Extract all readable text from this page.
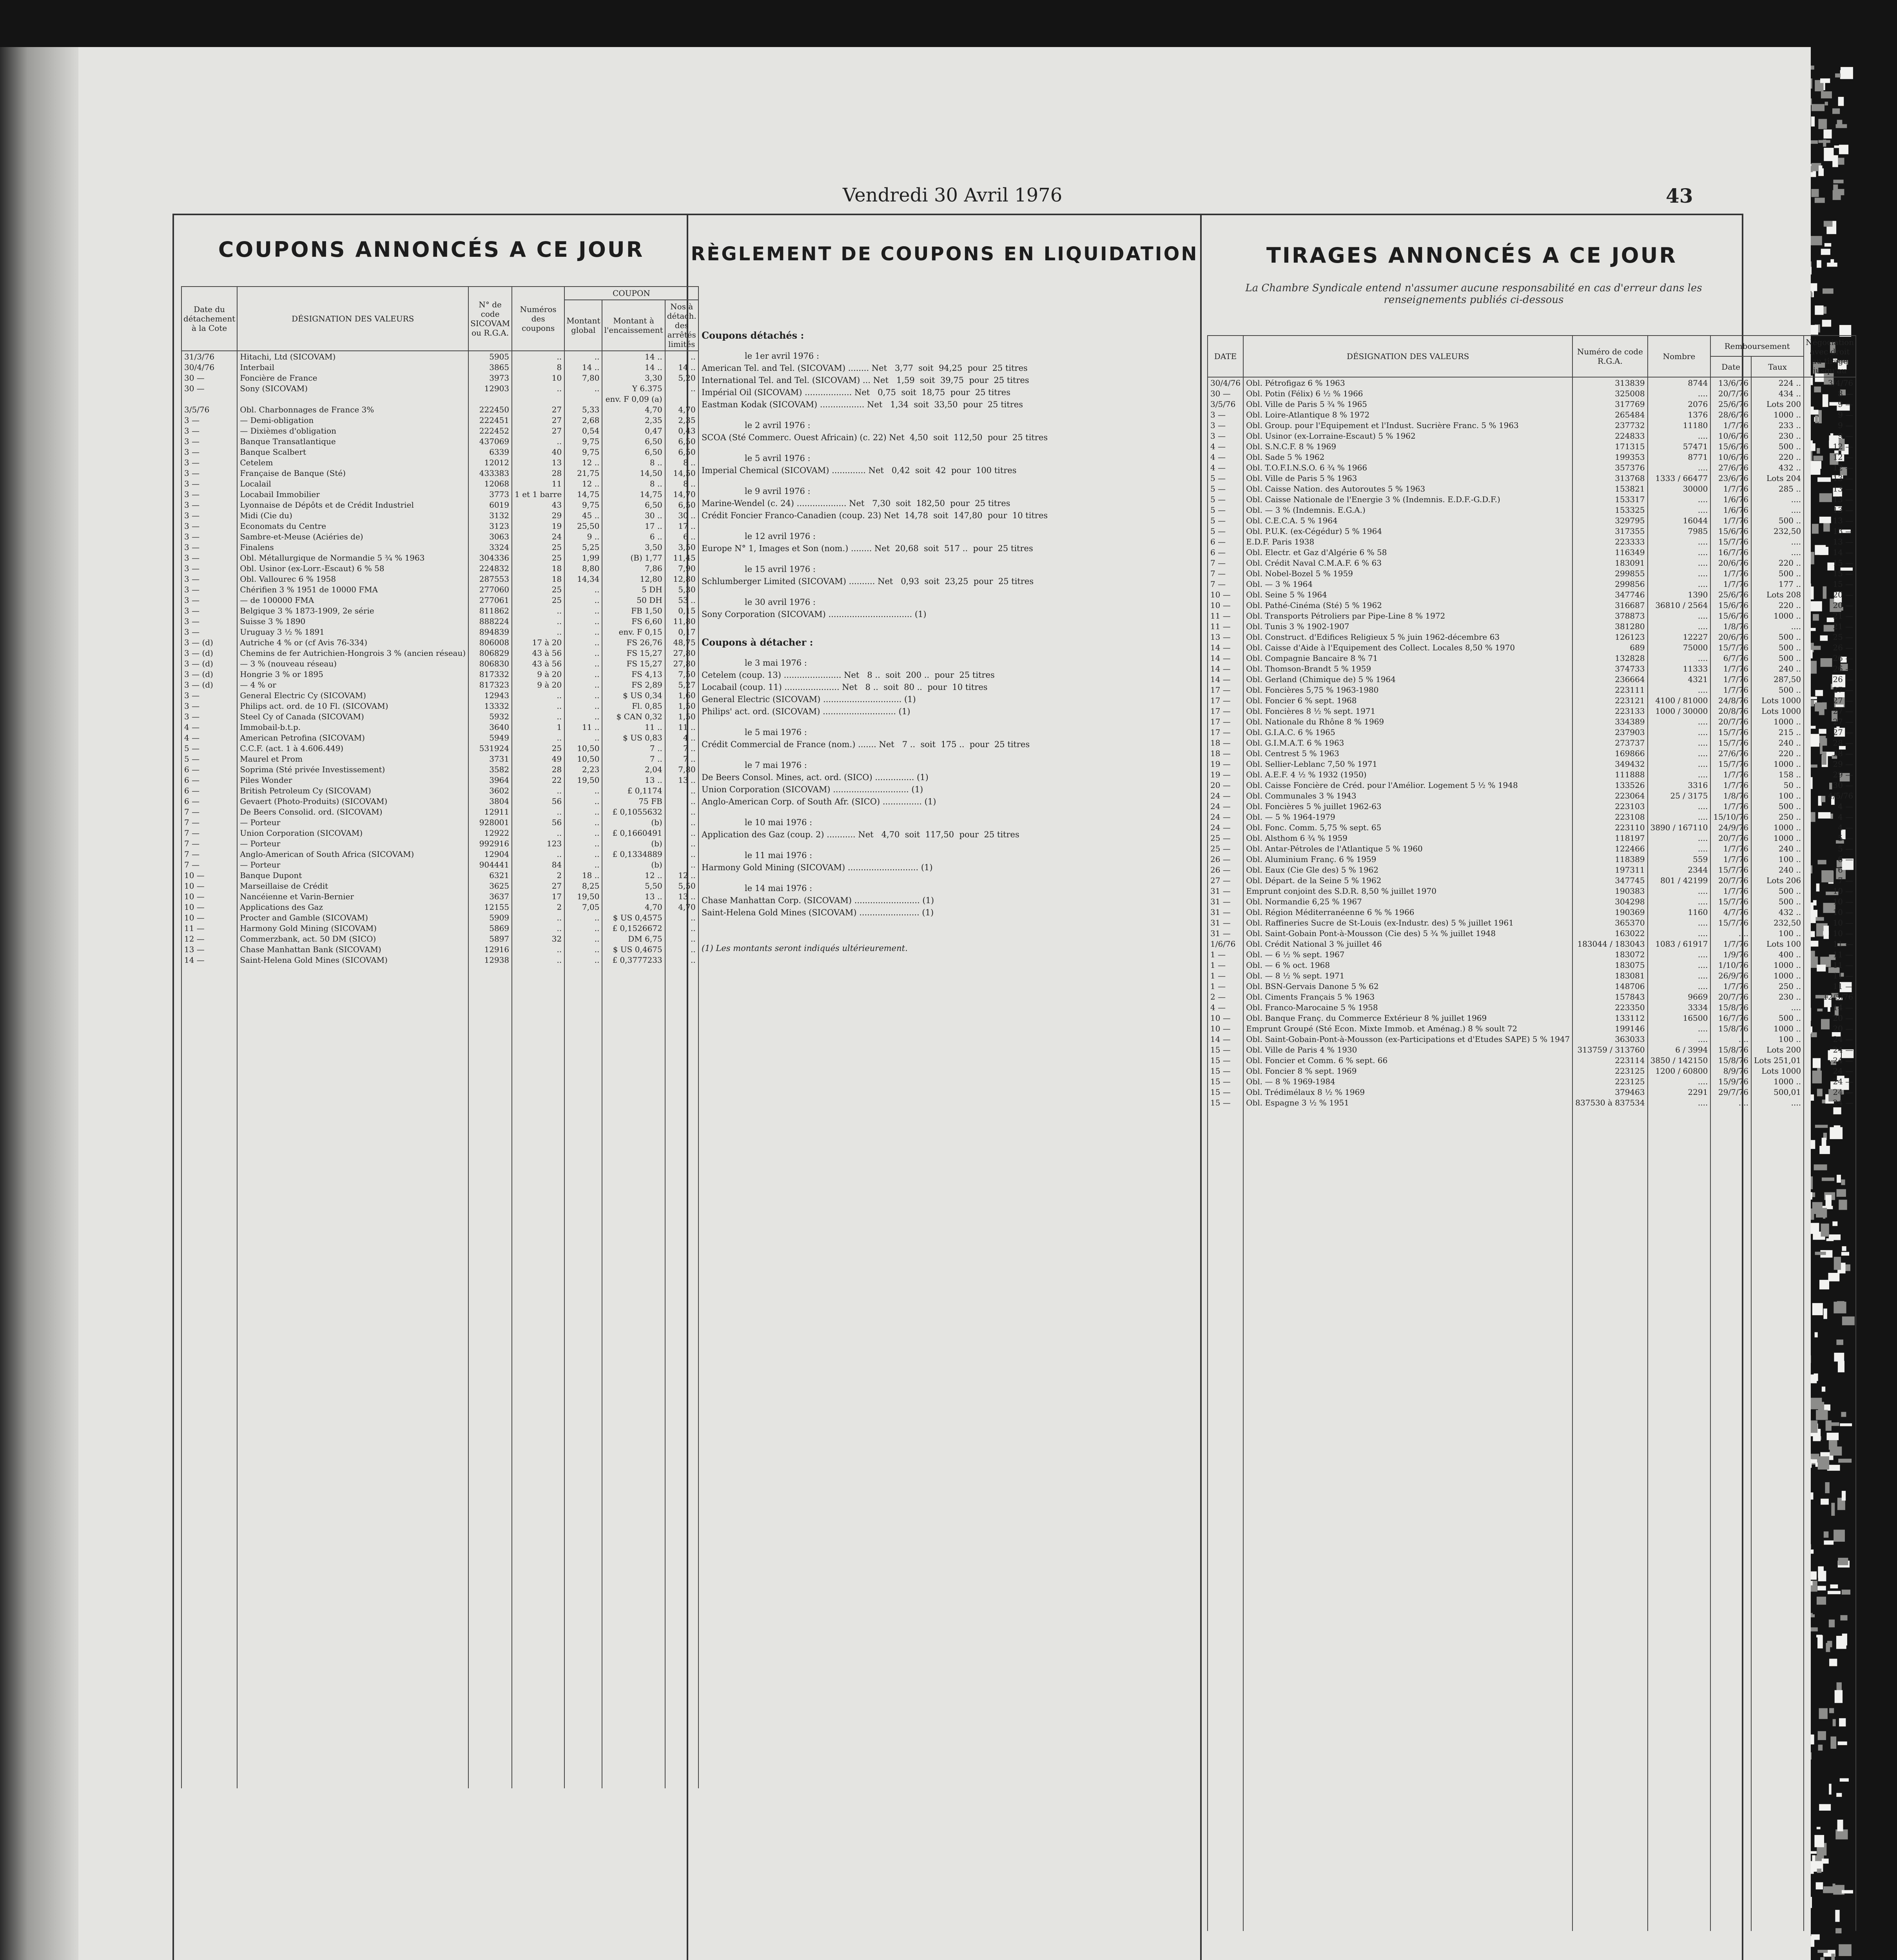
Vendredi 30 Avril 1976	43
COUPONS ANNONCÉS A CE JOUR
Date du détachement à la Cote	DÉSIGNATION DES VALEURS	N° de code SICOVAM ou R.G.A.	Numéros des coupons	COUPON		
				Montant global	Montant à l'encaissement	Nos à détach. des arrêtés limités
31/3/76	Hitachi, Ltd (SICOVAM)	5905	..	..	14 ..	..
30/4/76	Interbail	3865	8	14 ..	14 ..	14 ..
30 —	Foncière de France	3973	10	7,80	3,30	5,20
30 —	Sony (SICOVAM)	12903	..	..	Y 6.375	..
					env. F 0,09 (a)	
3/5/76	Obl. Charbonnages de France 3%	222450	27	5,33	4,70	4,70
3 —	— Demi-obligation	222451	27	2,68	2,35	2,35
3 —	— Dixièmes d'obligation	222452	27	0,54	0,47	0,43
3 —	Banque Transatlantique	437069	..	9,75	6,50	6,50
3 —	Banque Scalbert	6339	40	9,75	6,50	6,50
3 —	Cetelem	12012	13	12 ..	8 ..	8 ..
3 —	Française de Banque (Sté)	433383	28	21,75	14,50	14,50
3 —	Localail	12068	11	12 ..	8 ..	8 ..
3 —	Locabail Immobilier	3773	1 et 1 barre	14,75	14,75	14,70
3 —	Lyonnaise de Dépôts et de Crédit Industriel	6019	43	9,75	6,50	6,50
3 —	Midi (Cie du)	3132	29	45 ..	30 ..	30 ..
3 —	Economats du Centre	3123	19	25,50	17 ..	17 ..
3 —	Sambre-et-Meuse (Aciéries de)	3063	24	9 ..	6 ..	6 ..
3 —	Finalens	3324	25	5,25	3,50	3,50
3 —	Obl. Métallurgique de Normandie 5 ¾ % 1963	304336	25	1,99	(B) 1,77	11,45
3 —	Obl. Usinor (ex-Lorr.-Escaut) 6 % 58	224832	18	8,80	7,86	7,90
3 —	Obl. Vallourec 6 % 1958	287553	18	14,34	12,80	12,80
3 —	Chérifien 3 % 1951 de 10000 FMA	277060	25	..	5 DH	5,30
3 —	— de 100000 FMA	277061	25	..	50 DH	53 ..
3 —	Belgique 3 % 1873-1909, 2e série	811862	..	..	FB 1,50	0,15
3 —	Suisse 3 % 1890	888224	..	..	FS 6,60	11,80
3 —	Uruguay 3 ½ % 1891	894839	..	..	env. F 0,15	0,17
3 — (d)	Autriche 4 % or (cf Avis 76-334)	806008	17 à 20	..	FS 26,76	48,75
3 — (d)	Chemins de fer Autrichien-Hongrois 3 % (ancien réseau)	806829	43 à 56	..	FS 15,27	27,80
3 — (d)	— 3 % (nouveau réseau)	806830	43 à 56	..	FS 15,27	27,80
3 — (d)	Hongrie 3 % or 1895	817332	9 à 20	..	FS 4,13	7,50
3 — (d)	— 4 % or	817323	9 à 20	..	FS 2,89	5,27
3 —	General Electric Cy (SICOVAM)	12943	..	..	$ US 0,34	1,60
3 —	Philips act. ord. de 10 Fl. (SICOVAM)	13332	..	..	Fl. 0,85	1,50
3 —	Steel Cy of Canada (SICOVAM)	5932	..	..	$ CAN 0,32	1,50
4 —	Immobail-b.t.p.	3640	1	11 ..	11 ..	11 ..
4 —	American Petrofina (SICOVAM)	5949	..	..	$ US 0,83	4 ..
5 —	C.C.F. (act. 1 à 4.606.449)	531924	25	10,50	7 ..	7 ..
5 —	Maurel et Prom	3731	49	10,50	7 ..	7 ..
6 —	Soprima (Sté privée Investissement)	3582	28	2,23	2,04	7,80
6 —	Piles Wonder	3964	22	19,50	13 ..	13 ..
6 —	British Petroleum Cy (SICOVAM)	3602	..	..	£ 0,1174	..
6 —	Gevaert (Photo-Produits) (SICOVAM)	3804	56	..	75 FB	..
7 —	De Beers Consolid. ord. (SICOVAM)	12911	..	..	£ 0,1055632	..
7 —	— Porteur	928001	56	..	(b)	..
7 —	Union Corporation (SICOVAM)	12922	..	..	£ 0,1660491	..
7 —	— Porteur	992916	123	..	(b)	..
7 —	Anglo-American of South Africa (SICOVAM)	12904	..	..	£ 0,1334889	..
7 —	— Porteur	904441	84	..	(b)	..
10 —	Banque Dupont	6321	2	18 ..	12 ..	12 ..
10 —	Marseillaise de Crédit	3625	27	8,25	5,50	5,50
10 —	Nancéienne et Varin-Bernier	3637	17	19,50	13 ..	13 ..
10 —	Applications des Gaz	12155	2	7,05	4,70	4,70
10 —	Procter and Gamble (SICOVAM)	5909	..	..	$ US 0,4575	..
11 —	Harmony Gold Mining (SICOVAM)	5869	..	..	£ 0,1526672	..
12 —	Commerzbank, act. 50 DM (SICO)	5897	32	..	DM 6,75	..
13 —	Chase Manhattan Bank (SICOVAM)	12916	..	..	$ US 0,4675	..
14 —	Saint-Helena Gold Mines (SICOVAM)	12938	..	..	£ 0,3777233	..

RÈGLEMENT DE COUPONS EN LIQUIDATION
Coupons détachés :
le 1er avril 1976 :
American Tel. and Tel. (SICOVAM) ........ Net   3,77  soit  94,25  pour  25 titres
International Tel. and Tel. (SICOVAM) ... Net   1,59  soit  39,75  pour  25 titres
Impérial Oil (SICOVAM) .................. Net   0,75  soit  18,75  pour  25 titres
Eastman Kodak (SICOVAM) ................. Net   1,34  soit  33,50  pour  25 titres
le 2 avril 1976 :
SCOA (Sté Commerc. Ouest Africain) (c. 22) Net  4,50  soit  112,50  pour  25 titres
le 5 avril 1976 :
Imperial Chemical (SICOVAM) ............. Net   0,42  soit  42  pour  100 titres
le 9 avril 1976 :
Marine-Wendel (c. 24) ................... Net   7,30  soit  182,50  pour  25 titres
Crédit Foncier Franco-Canadien (coup. 23) Net  14,78  soit  147,80  pour  10 titres
le 12 avril 1976 :
Europe N° 1, Images et Son (nom.) ........ Net  20,68  soit  517 ..  pour  25 titres
le 15 avril 1976 :
Schlumberger Limited (SICOVAM) .......... Net   0,93  soit  23,25  pour  25 titres
le 30 avril 1976 :
Sony Corporation (SICOVAM) ................................ (1)
Coupons à détacher :
le 3 mai 1976 :
Cetelem (coup. 13) ...................... Net   8 ..  soit  200 ..  pour  25 titres
Locabail (coup. 11) ..................... Net   8 ..  soit  80 ..  pour  10 titres
General Electric (SICOVAM) .............................. (1)
Philips' act. ord. (SICOVAM) ............................ (1)
le 5 mai 1976 :
Crédit Commercial de France (nom.) ....... Net   7 ..  soit  175 ..  pour  25 titres
le 7 mai 1976 :
De Beers Consol. Mines, act. ord. (SICO) ............... (1)
Union Corporation (SICOVAM) ............................. (1)
Anglo-American Corp. of South Afr. (SICO) ............... (1)
le 10 mai 1976 :
Application des Gaz (coup. 2) ........... Net   4,70  soit  117,50  pour  25 titres
le 11 mai 1976 :
Harmony Gold Mining (SICOVAM) ........................... (1)
le 14 mai 1976 :
Chase Manhattan Corp. (SICOVAM) ......................... (1)
Saint-Helena Gold Mines (SICOVAM) ....................... (1)
(1) Les montants seront indiqués ultérieurement.
TIRAGES ANNONCÉS A CE JOUR
La Chambre Syndicale entend n'assumer aucune responsabilité en cas d'erreur dans les renseignements publiés ci-dessous
DATE	DÉSIGNATION DES VALEURS	Numéro de code R.G.A.	Nombre	Remboursement		Négociation avec droit au tirage jusqu'au
				Date	Taux	
30/4/76	Obl. Pétrofigaz 6 % 1963	313839	8744	13/6/76	224 ..	3/4/76
30 —	Obl. Potin (Félix) 6 ½ % 1966	325008	....	20/7/76	434 ..	8 —
3/5/76	Obl. Ville de Paris 5 ¾ % 1965	317769	2076	25/6/76	Lots 200	9 —
3 —	Obl. Loire-Atlantique 8 % 1972	265484	1376	28/6/76	1000 ..	9 —
3 —	Obl. Group. pour l'Equipement et l'Indust. Sucrière Franc. 5 % 1963	237732	11180	1/7/76	233 ..	9 —
3 —	Obl. Usinor (ex-Lorraine-Escaut) 5 % 1962	224833	....	10/6/76	230 ..	9 —
4 —	Obl. S.N.C.F. 8 % 1969	171315	57471	15/6/76	500 ..	12 —
4 —	Obl. Sade 5 % 1962	199353	8771	10/6/76	220 ..	12 —
4 —	Obl. T.O.F.I.N.S.O. 6 ¾ % 1966	357376	....	27/6/76	432 ..	12 —
5 —	Obl. Ville de Paris 5 % 1963	313768	1333 / 66477	23/6/76	Lots 204	13 —
5 —	Obl. Caisse Nation. des Autoroutes 5 % 1963	153821	30000	1/7/76	285 ..	13 —
5 —	Obl. Caisse Nationale de l'Energie 3 % (Indemnis. E.D.F.-G.D.F.)	153317	....	1/6/76	....	13 —
5 —	Obl. — 3 % (Indemnis. E.G.A.)	153325	....	1/6/76	....	13 —
5 —	Obl. C.E.C.A. 5 % 1964	329795	16044	1/7/76	500 ..	13 —
5 —	Obl. P.U.K. (ex-Cégédur) 5 % 1964	317355	7985	15/6/76	232,50	13 —
6 —	E.D.F. Paris 1938	223333	....	15/7/76	....	13 —
6 —	Obl. Electr. et Gaz d'Algérie 6 % 58	116349	....	16/7/76	....	14 —
7 —	Obl. Crédit Naval C.M.A.F. 6 % 63	183091	....	20/6/76	220 ..	15 —
7 —	Obl. Nobel-Bozel 5 % 1959	299855	....	1/7/76	500 ..	15 —
7 —	Obl. — 3 % 1964	299856	....	1/7/76	177 ..	15 —
10 —	Obl. Seine 5 % 1964	347746	1390	25/6/76	Lots 208	20 —
10 —	Obl. Pathé-Cinéma (Sté) 5 % 1962	316687	36810 / 2564	15/6/76	220 ..	20 —
11 —	Obl. Transports Pétroliers par Pipe-Line 8 % 1972	378873	....	15/6/76	1000 ..	21 —
11 —	Obl. Tunis 3 % 1902-1907	381280	....	1/8/76	....	21 —
13 —	Obl. Construct. d'Edifices Religieux 5 % juin 1962-décembre 63	126123	12227	20/6/76	500 ..	25 —
14 —	Obl. Caisse d'Aide à l'Equipement des Collect. Locales 8,50 % 1970	689	75000	15/7/76	500 ..	26 —
14 —	Obl. Compagnie Bancaire 8 % 71	132828	....	6/7/76	500 ..	26 —
14 —	Obl. Thomson-Brandt 5 % 1959	374733	11333	1/7/76	240 ..	26 —
14 —	Obl. Gerland (Chimique de) 5 % 1964	236664	4321	1/7/76	287,50	26 —
17 —	Obl. Foncières 5,75 % 1963-1980	223111	....	1/7/76	500 ..	27 —
17 —	Obl. Foncier 6 % sept. 1968	223121	4100 / 81000	24/8/76	Lots 1000	27 —
17 —	Obl. Foncières 8 ½ % sept. 1971	223133	1000 / 30000	20/8/76	Lots 1000	27 —
17 —	Obl. Nationale du Rhône 8 % 1969	334389	....	20/7/76	1000 ..	27 —
17 —	Obl. G.I.A.C. 6 % 1965	237903	....	15/7/76	215 ..	27 —
18 —	Obl. G.I.M.A.T. 6 % 1963	273737	....	15/7/76	240 ..	28 —
18 —	Obl. Centrest 5 % 1963	169866	....	27/6/76	220 ..	28 —
19 —	Obl. Sellier-Leblanc 7,50 % 1971	349432	....	15/7/76	1000 ..	29 —
19 —	Obl. A.E.F. 4 ½ % 1932 (1950)	111888	....	1/7/76	158 ..	29 —
20 —	Obl. Caisse Foncière de Créd. pour l'Amélior. Logement 5 ½ % 1948	133526	3316	1/7/76	50 ..	30 —
24 —	Obl. Communales 3 % 1943	223064	25 / 3175	1/8/76	100 ..	4/5/76
24 —	Obl. Foncières 5 % juillet 1962-63	223103	....	1/7/76	500 ..	4 —
24 —	Obl. — 5 % 1964-1979	223108	....	15/10/76	250 ..	4 —
24 —	Obl. Fonc. Comm. 5,75 % sept. 65	223110	3890 / 167110	24/9/76	1000 ..	4 —
25 —	Obl. Alsthom 6 ¾ % 1959	118197	....	20/7/76	1000 ..	5 —
25 —	Obl. Antar-Pétroles de l'Atlantique 5 % 1960	122466	....	1/7/76	240 ..	5 —
26 —	Obl. Aluminium Franç. 6 % 1959	118389	559	1/7/76	100 ..	6 —
26 —	Obl. Eaux (Cie Gle des) 5 % 1962	197311	2344	15/7/76	240 ..	6 —
27 —	Obl. Départ. de la Seine 5 % 1962	347745	801 / 42199	20/7/76	Lots 206	7 —
31 —	Emprunt conjoint des S.D.R. 8,50 % juillet 1970	190383	....	1/7/76	500 ..	10 —
31 —	Obl. Normandie 6,25 % 1967	304298	....	15/7/76	500 ..	10 —
31 —	Obl. Région Méditerranéenne 6 % % 1966	190369	1160	4/7/76	432 ..	10 —
31 —	Obl. Raffineries Sucre de St-Louis (ex-Industr. des) 5 % juillet 1961	365370	....	15/7/76	232,50	10 —
31 —	Obl. Saint-Gobain Pont-à-Mousson (Cie des) 5 ¾ % juillet 1948	163022	....	....	100 ..	10 —
1/6/76	Obl. Crédit National 3 % juillet 46	183044 / 183043	1083 / 61917	1/7/76	Lots 100	11 —
1 —	Obl. — 6 ½ % sept. 1967	183072	....	1/9/76	400 ..	11 —
1 —	Obl. — 6 % oct. 1968	183075	....	1/10/76	1000 ..	11 —
1 —	Obl. — 8 ½ % sept. 1971	183081	....	26/9/76	1000 ..	11 —
1 —	Obl. BSN-Gervais Danone 5 % 62	148706	....	1/7/76	250 ..	11 —
2 —	Obl. Ciments Français 5 % 1963	157843	9669	20/7/76	230 ..	12/5/76
4 —	Obl. Franco-Marocaine 5 % 1958	223350	3334	15/8/76	....	14 —
10 —	Obl. Banque Franç. du Commerce Extérieur 8 % juillet 1969	133112	16500	16/7/76	500 ..	20 —
10 —	Emprunt Groupé (Sté Econ. Mixte Immob. et Aménag.) 8 % soult 72	199146	....	15/8/76	1000 ..	20 —
14 —	Obl. Saint-Gobain-Pont-à-Mousson (ex-Participations et d'Etudes SAPE) 5 % 1947	363033	....	....	100 ..	24 —
15 —	Obl. Ville de Paris 4 % 1930	313759 / 313760	6 / 3994	15/8/76	Lots 200	24 —
15 —	Obl. Foncier et Comm. 6 % sept. 66	223114	3850 / 142150	15/8/76	Lots 251,01	24 —
15 —	Obl. Foncier 8 % sept. 1969	223125	1200 / 60800	8/9/76	Lots 1000	24 —
15 —	Obl. — 8 % 1969-1984	223125	....	15/9/76	1000 ..	24 —
15 —	Obl. Trédimélaux 8 ½ % 1969	379463	2291	29/7/76	500,01	24 —
15 —	Obl. Espagne 3 ½ % 1951	837530 à 837534	....	....	....	24 —
